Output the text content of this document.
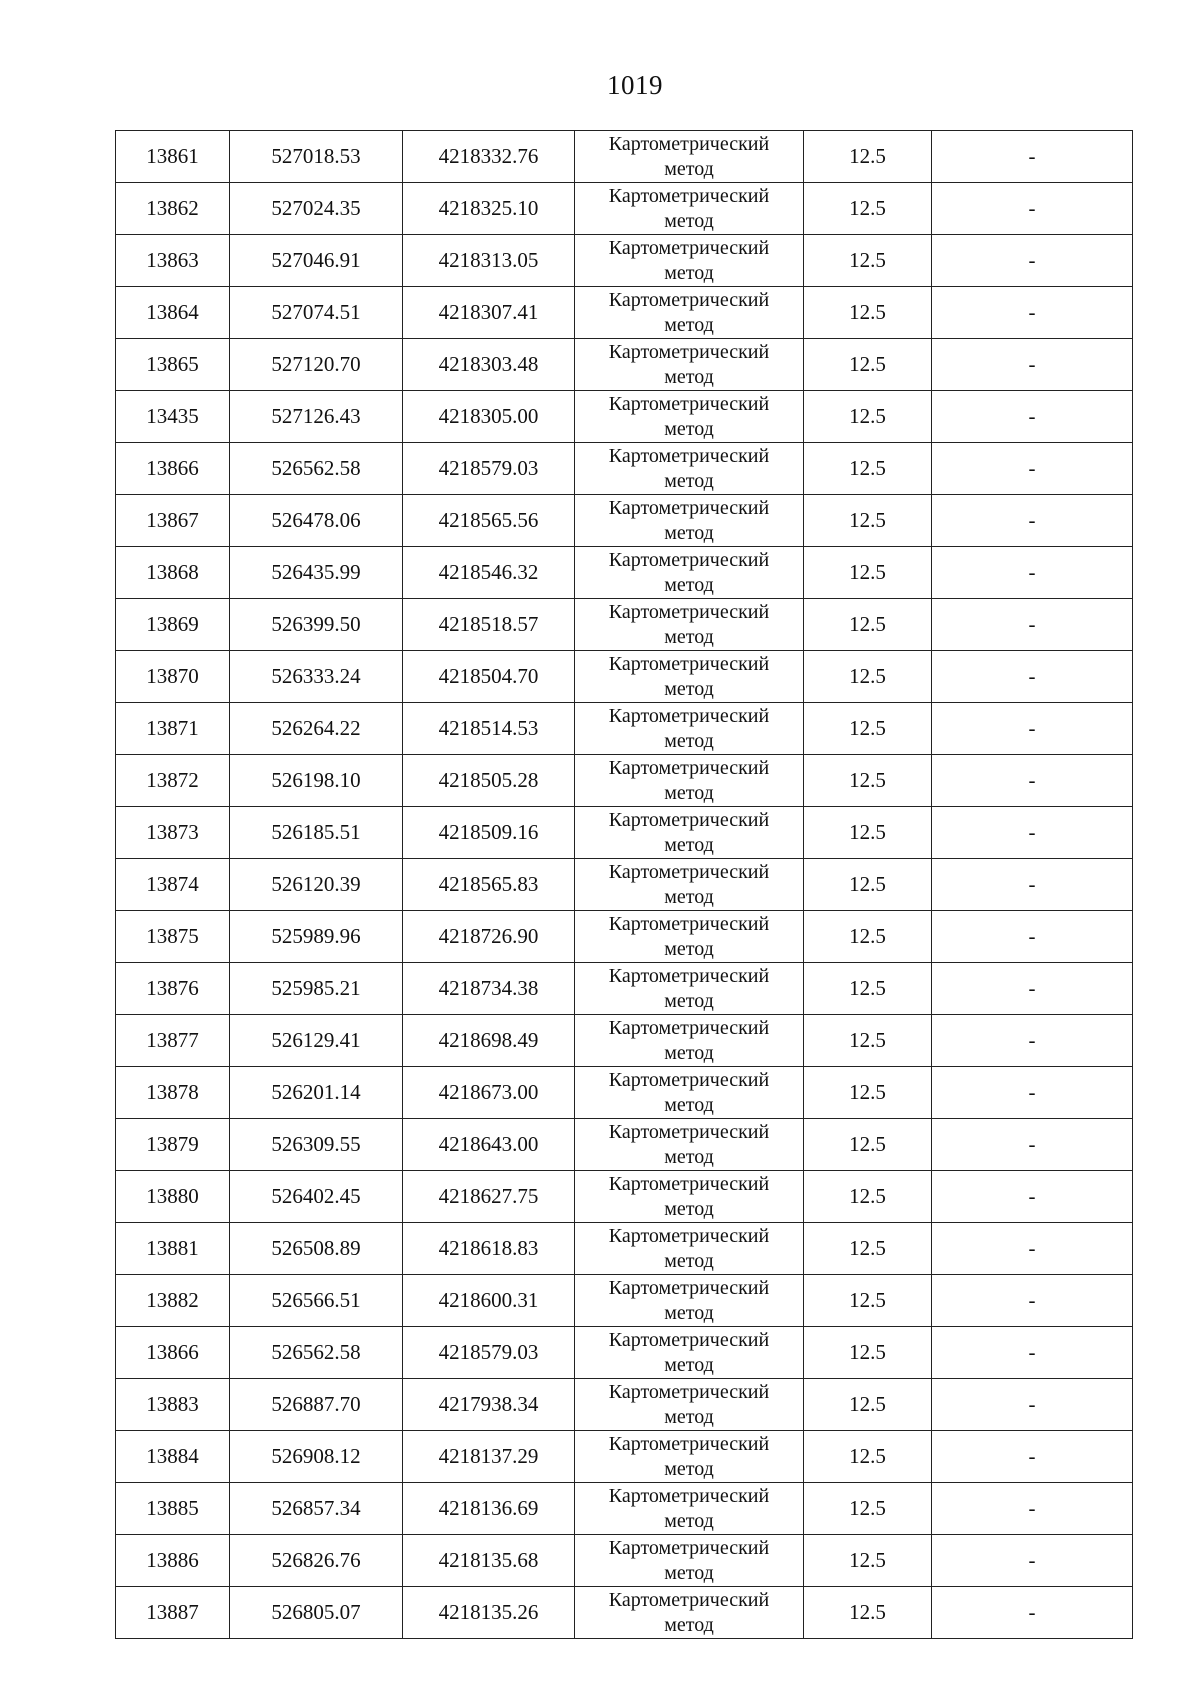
1019
13861	527018.53	4218332.76	Картометрический
метод	12.5	-
13862	527024.35	4218325.10	Картометрический
метод	12.5	-
13863	527046.91	4218313.05	Картометрический
метод	12.5	-
13864	527074.51	4218307.41	Картометрический
метод	12.5	-
13865	527120.70	4218303.48	Картометрический
метод	12.5	-
13435	527126.43	4218305.00	Картометрический
метод	12.5	-
13866	526562.58	4218579.03	Картометрический
метод	12.5	-
13867	526478.06	4218565.56	Картометрический
метод	12.5	-
13868	526435.99	4218546.32	Картометрический
метод	12.5	-
13869	526399.50	4218518.57	Картометрический
метод	12.5	-
13870	526333.24	4218504.70	Картометрический
метод	12.5	-
13871	526264.22	4218514.53	Картометрический
метод	12.5	-
13872	526198.10	4218505.28	Картометрический
метод	12.5	-
13873	526185.51	4218509.16	Картометрический
метод	12.5	-
13874	526120.39	4218565.83	Картометрический
метод	12.5	-
13875	525989.96	4218726.90	Картометрический
метод	12.5	-
13876	525985.21	4218734.38	Картометрический
метод	12.5	-
13877	526129.41	4218698.49	Картометрический
метод	12.5	-
13878	526201.14	4218673.00	Картометрический
метод	12.5	-
13879	526309.55	4218643.00	Картометрический
метод	12.5	-
13880	526402.45	4218627.75	Картометрический
метод	12.5	-
13881	526508.89	4218618.83	Картометрический
метод	12.5	-
13882	526566.51	4218600.31	Картометрический
метод	12.5	-
13866	526562.58	4218579.03	Картометрический
метод	12.5	-
13883	526887.70	4217938.34	Картометрический
метод	12.5	-
13884	526908.12	4218137.29	Картометрический
метод	12.5	-
13885	526857.34	4218136.69	Картометрический
метод	12.5	-
13886	526826.76	4218135.68	Картометрический
метод	12.5	-
13887	526805.07	4218135.26	Картометрический
метод	12.5	-
